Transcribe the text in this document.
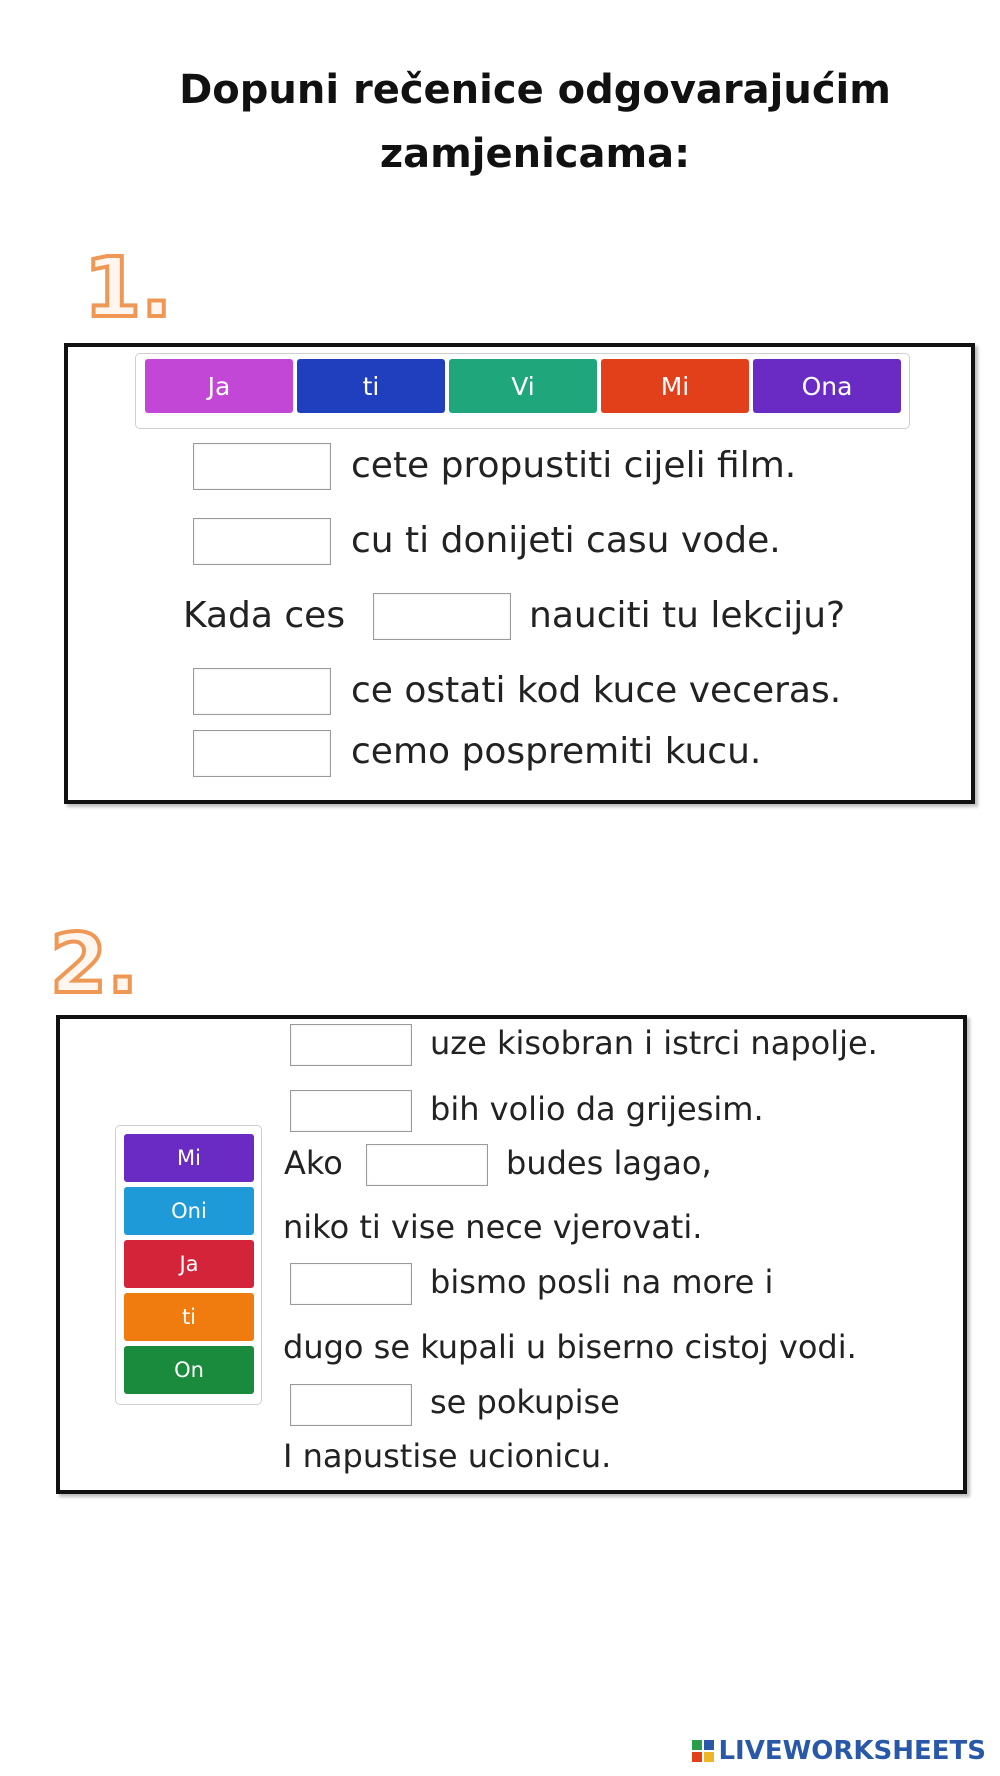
Dopuni rečenice odgovarajućim
zamjenicama:
1.
Ja	ti	Vi	Mi	Ona
cete propustiti cijeli film.
cu ti donijeti casu vode.
Kada ces	nauciti tu lekciju?
ce ostati kod kuce veceras.
cemo pospremiti kucu.
2.
Mi
Oni
Ja
ti
On
uze kisobran i istrci napolje.
bih volio da grijesim.
Ako	budes lagao,
niko ti vise nece vjerovati.
bismo posli na more i
dugo se kupali u biserno cistoj vodi.
se pokupise
I napustise ucionicu.
LIVEWORKSHEETS
